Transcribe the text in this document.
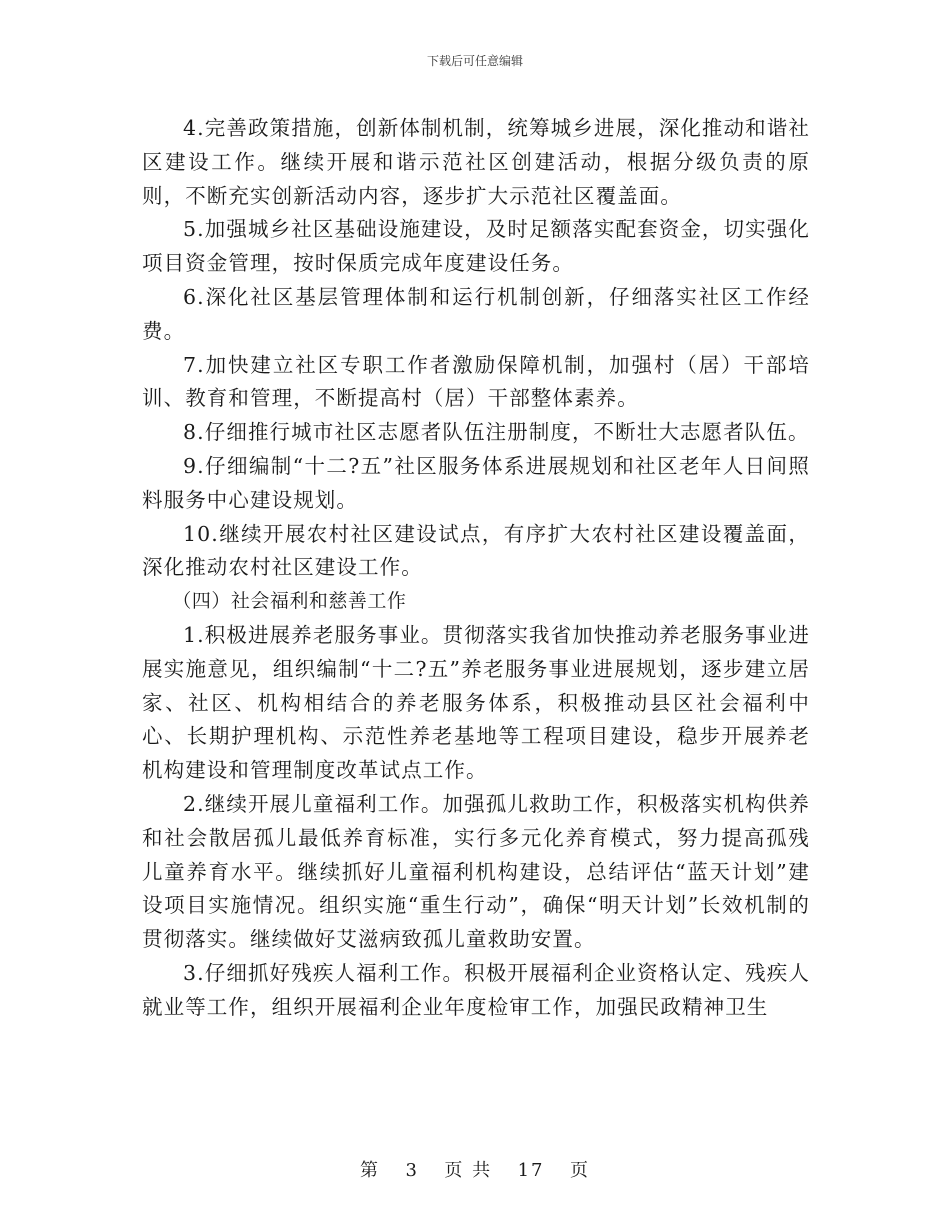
下载后可任意编辑

4.完善政策措施，创新体制机制，统筹城乡进展，深化推动和谐社区建设工作。继续开展和谐示范社区创建活动，根据分级负责的原则，不断充实创新活动内容，逐步扩大示范社区覆盖面。

5.加强城乡社区基础设施建设，及时足额落实配套资金，切实强化项目资金管理，按时保质完成年度建设任务。

6.深化社区基层管理体制和运行机制创新，仔细落实社区工作经费。

7.加快建立社区专职工作者激励保障机制，加强村（居）干部培训、教育和管理，不断提高村（居）干部整体素养。

8.仔细推行城市社区志愿者队伍注册制度，不断壮大志愿者队伍。

9.仔细编制“十二?五”社区服务体系进展规划和社区老年人日间照料服务中心建设规划。

10.继续开展农村社区建设试点，有序扩大农村社区建设覆盖面，深化推动农村社区建设工作。

（四）社会福利和慈善工作

1.积极进展养老服务事业。贯彻落实我省加快推动养老服务事业进展实施意见，组织编制“十二?五”养老服务事业进展规划，逐步建立居家、社区、机构相结合的养老服务体系，积极推动县区社会福利中心、长期护理机构、示范性养老基地等工程项目建设，稳步开展养老机构建设和管理制度改革试点工作。

2.继续开展儿童福利工作。加强孤儿救助工作，积极落实机构供养和社会散居孤儿最低养育标准，实行多元化养育模式，努力提高孤残儿童养育水平。继续抓好儿童福利机构建设，总结评估“蓝天计划”建设项目实施情况。组织实施“重生行动”，确保“明天计划”长效机制的贯彻落实。继续做好艾滋病致孤儿童救助安置。

3.仔细抓好残疾人福利工作。积极开展福利企业资格认定、残疾人就业等工作，组织开展福利企业年度检审工作，加强民政精神卫生

第 3 页 共 17 页
